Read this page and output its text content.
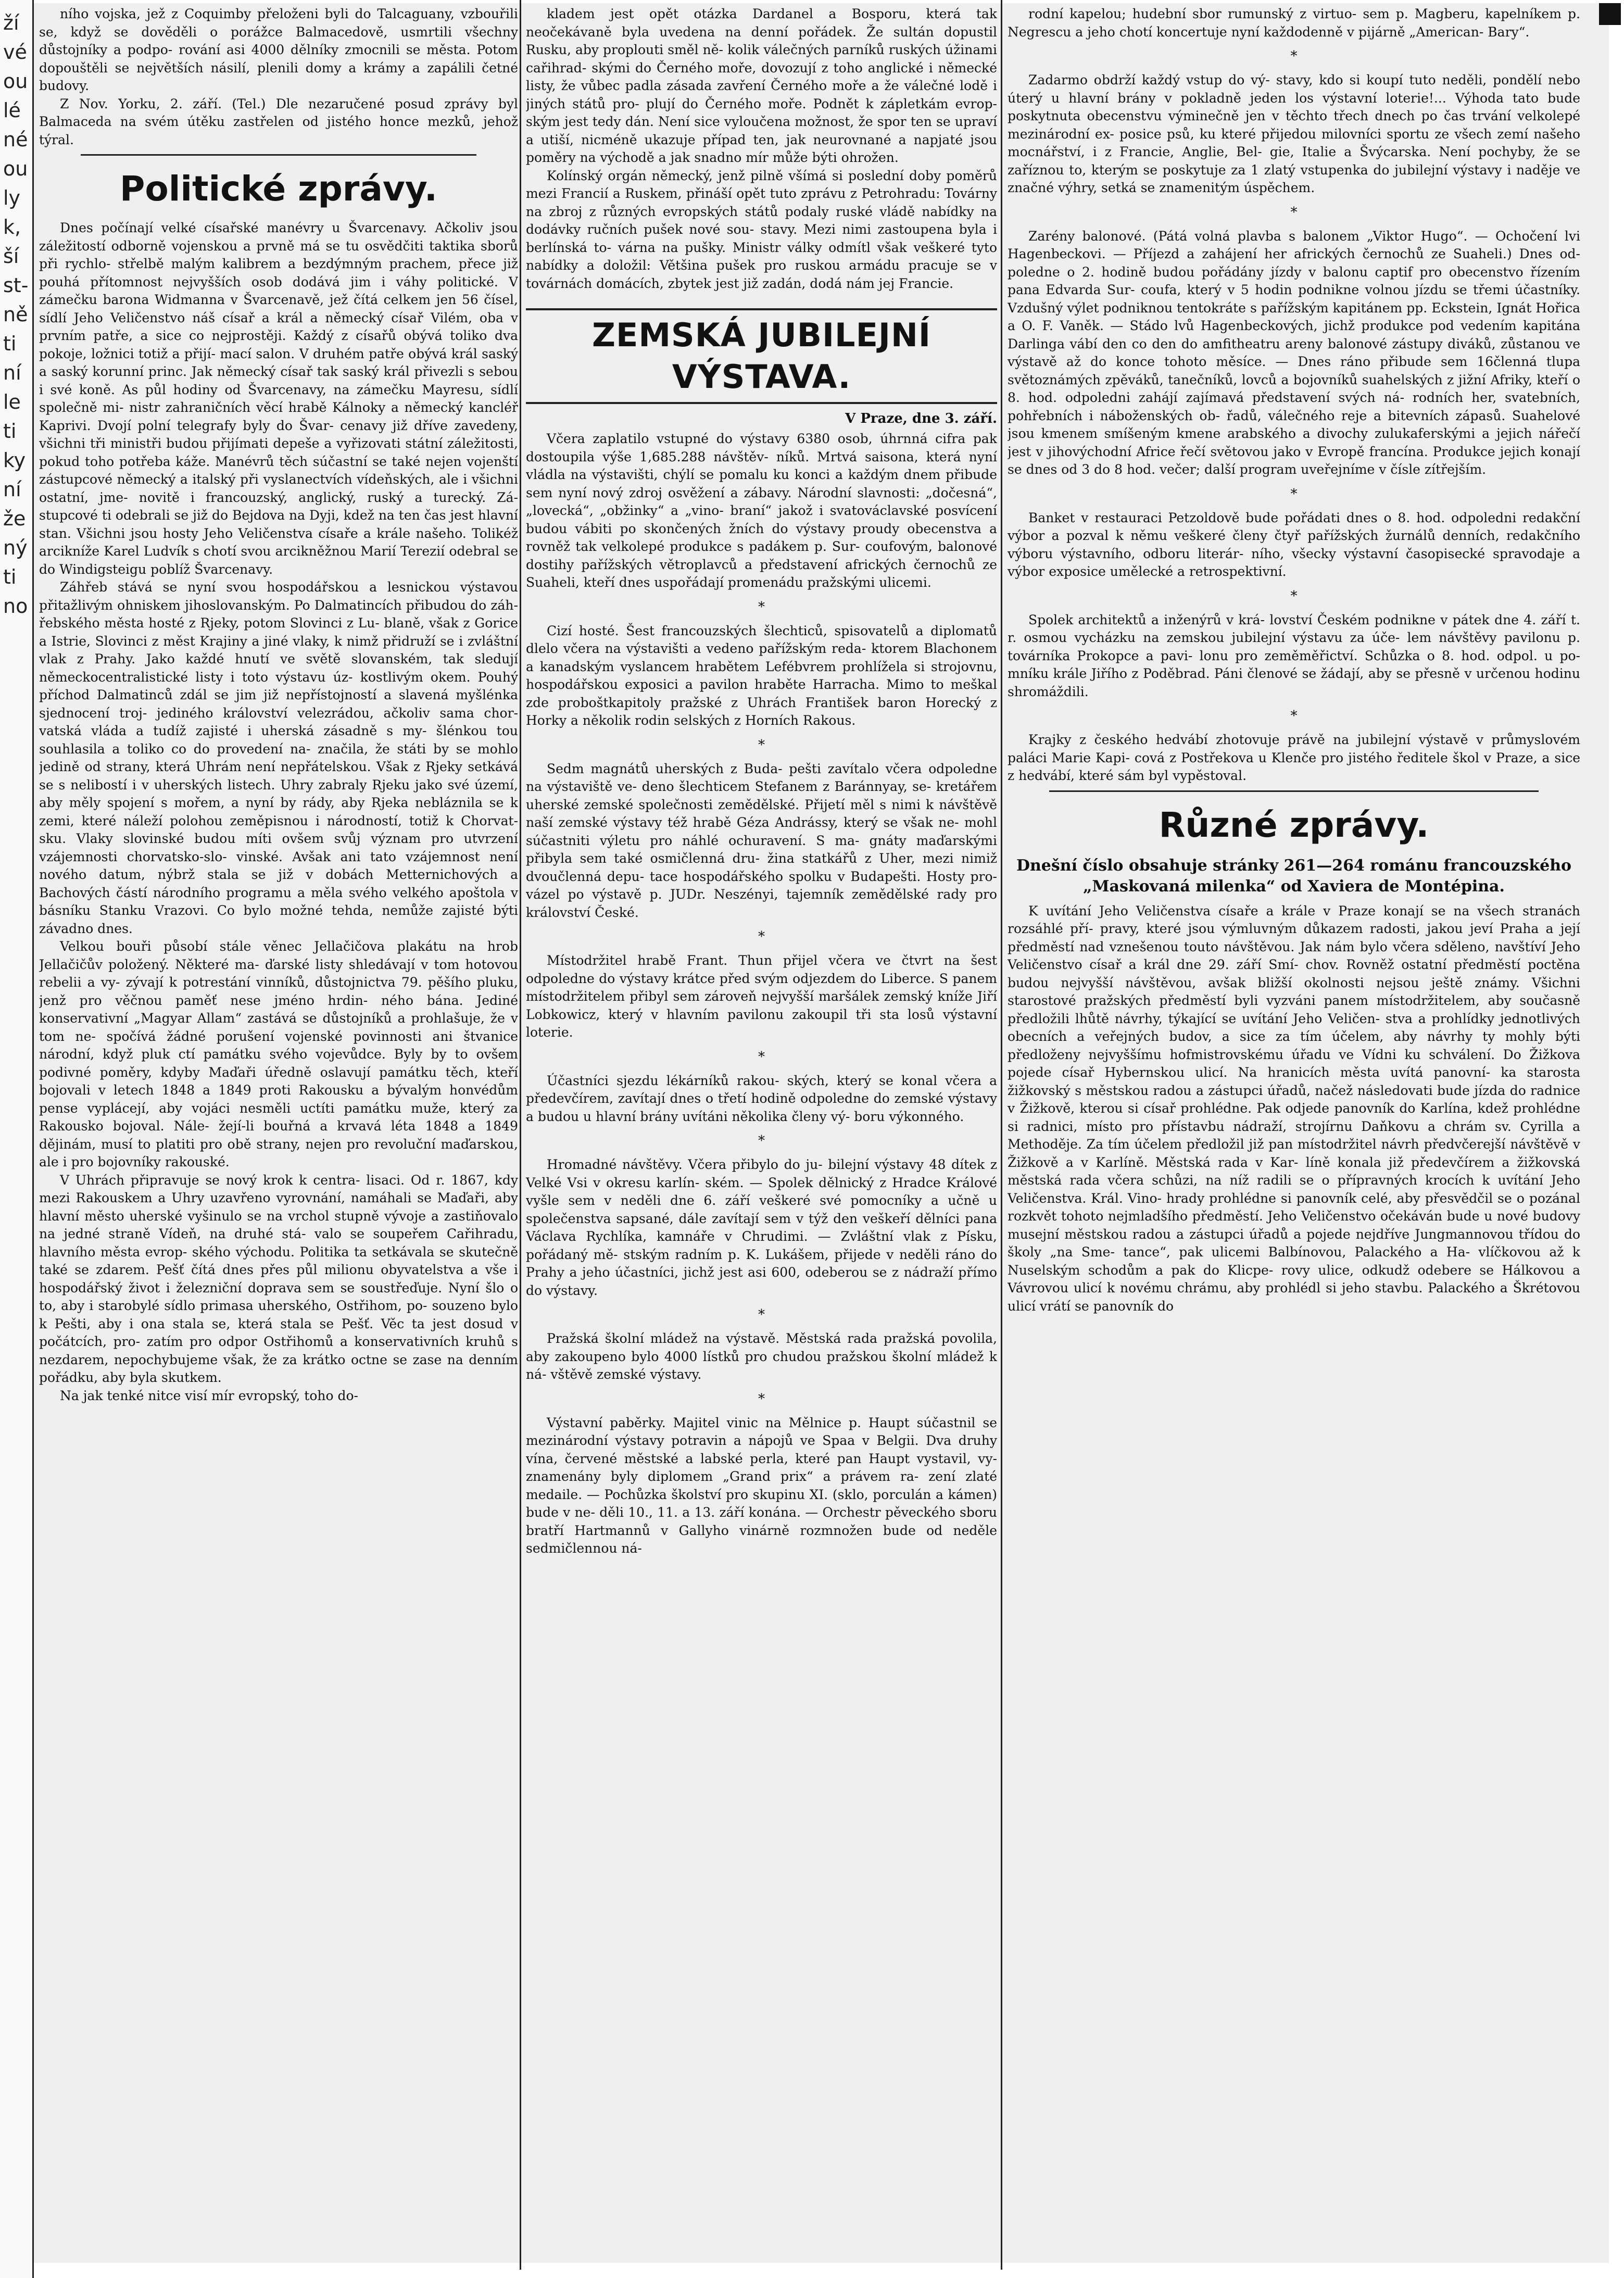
ží
vé
ou
lé
né
ou
ly
k,
ší
st-
ně
ti
ní
le
ti
ky
ní
že
ný
ti
no

ního vojska, jež z Coquimby přeloženi byli do Talcaguany, vzbouřili se, když se dověděli o porážce Balmacedově, usmrtili všechny důstojníky a podpo- rování asi 4000 dělníky zmocnili se města. Potom dopouštěli se největších násilí, plenili domy a krámy a zapálili četné budovy.

Z Nov. Yorku, 2. září. (Tel.) Dle nezaručené posud zprávy byl Balmaceda na svém útěku zastřelen od jistého honce mezků, jehož týral.

Politické zprávy.

Dnes počínají velké císařské manévry u Švarcenavy. Ačkoliv jsou záležitostí odborně vojenskou a prvně má se tu osvědčiti taktika sborů při rychlo- střelbě malým kalibrem a bezdýmným prachem, přece již pouhá přítomnost nejvyšších osob dodává jim i váhy politické. V zámečku barona Widmanna v Švarcenavě, jež čítá celkem jen 56 čísel, sídlí Jeho Veličenstvo náš císař a král a německý císař Vilém, oba v prvním patře, a sice co nejprostěji. Každý z císařů obývá toliko dva pokoje, ložnici totiž a přijí- mací salon. V druhém patře obývá král saský a saský korunní princ. Jak německý císař tak saský král přivezli s sebou i své koně. As půl hodiny od Švarcenavy, na zámečku Mayresu, sídlí společně mi- nistr zahraničních věcí hrabě Kálnoky a německý kancléř Kaprivi. Dvojí polní telegrafy byly do Švar- cenavy již dříve zavedeny, všichni tři ministři budou přijímati depeše a vyřizovati státní záležitosti, pokud toho potřeba káže. Manévrů těch súčastní se také nejen vojenští zástupcové německý a italský při vyslanectvích vídeňských, ale i všichni ostatní, jme- novitě i francouzský, anglický, ruský a turecký. Zá- stupcové ti odebrali se již do Bejdova na Dyji, kdež na ten čas jest hlavní stan. Všichni jsou hosty Jeho Veličenstva císaře a krále našeho. Tolikéž arcikníže Karel Ludvík s chotí svou arcikněžnou Marií Terezií odebral se do Windigsteigu poblíž Švarcenavy.

Záhřeb stává se nyní svou hospodářskou a lesnickou výstavou přitažlivým ohniskem jihoslovanským. Po Dalmatincích přibudou do záh- řebského města hosté z Rjeky, potom Slovinci z Lu- blaně, však z Gorice a Istrie, Slovinci z měst Krajiny a jiné vlaky, k nimž přidruží se i zvláštní vlak z Prahy. Jako každé hnutí ve světě slovanském, tak sledují německocentralistické listy i toto výstavu úz- kostlivým okem. Pouhý příchod Dalmatinců zdál se jim již nepřístojností a slavená myšlénka sjednocení troj- jediného království velezrádou, ačkoliv sama chor- vatská vláda a tudíž zajisté i uherská zásadně s my- šlénkou tou souhlasila a toliko co do provedení na- značila, že státi by se mohlo jedině od strany, která Uhrám není nepřátelskou. Však z Rjeky setkává se s nelibostí i v uherských listech. Uhry zabraly Rjeku jako své území, aby měly spojení s mořem, a nyní by rády, aby Rjeka nebláznila se k zemi, které náleží polohou zeměpisnou i národností, totiž k Chorvat- sku. Vlaky slovinské budou míti ovšem svůj význam pro utvrzení vzájemnosti chorvatsko-slo- vinské. Avšak ani tato vzájemnost není nového datum, nýbrž stala se již v dobách Metternichových a Bachových částí národního programu a měla svého velkého apoštola v básníku Stanku Vrazovi. Co bylo možné tehda, nemůže zajisté býti závadno dnes.

Velkou bouři působí stále věnec Jellačičova plakátu na hrob Jellačičův položený. Některé ma- ďarské listy shledávají v tom hotovou rebelii a vy- zývají k potrestání vinníků, důstojnictva 79. pěšího pluku, jenž pro věčnou paměť nese jméno hrdin- ného bána. Jediné konservativní „Magyar Allam“ zastává se důstojníků a prohlašuje, že v tom ne- spočívá žádné porušení vojenské povinnosti ani štvanice národní, když pluk ctí památku svého vojevůdce. Byly by to ovšem podivné poměry, kdyby Maďaři úředně oslavují památku těch, kteří bojovali v letech 1848 a 1849 proti Rakousku a bývalým honvédům pense vyplácejí, aby vojáci nesměli uctíti památku muže, který za Rakousko bojoval. Nále- žejí-li bouřná a krvavá léta 1848 a 1849 dějinám, musí to platiti pro obě strany, nejen pro revoluční maďarskou, ale i pro bojovníky rakouské.

V Uhrách připravuje se nový krok k centra- lisaci. Od r. 1867, kdy mezi Rakouskem a Uhry uzavřeno vyrovnání, namáhali se Maďaři, aby hlavní město uherské vyšinulo se na vrchol stupně vývoje a zastiňovalo na jedné straně Vídeň, na druhé stá- valo se soupeřem Cařihradu, hlavního města evrop- ského východu. Politika ta setkávala se skutečně také se zdarem. Pešť čítá dnes přes půl milionu obyvatelstva a vše i hospodářský život i železniční doprava sem se soustřeďuje. Nyní šlo o to, aby i starobylé sídlo primasa uherského, Ostřihom, po- souzeno bylo k Pešti, aby i ona stala se, která stala se Pešť. Věc ta jest dosud v počátcích, pro- zatím pro odpor Ostřihomů a konservativních kruhů s nezdarem, nepochybujeme však, že za krátko octne se zase na denním pořádku, aby byla skutkem.

Na jak tenké nitce visí mír evropský, toho do-

kladem jest opět otázka Dardanel a Bosporu, která tak neočekávaně byla uvedena na denní pořádek. Že sultán dopustil Rusku, aby proplouti směl ně- kolik válečných parníků ruských úžinami cařihrad- skými do Černého moře, dovozují z toho anglické i německé listy, že vůbec padla zásada zavření Černého moře a že válečné lodě i jiných států pro- plují do Černého moře. Podnět k zápletkám evrop- ským jest tedy dán. Není sice vyloučena možnost, že spor ten se upraví a utiší, nicméně ukazuje případ ten, jak neurovnané a napjaté jsou poměry na východě a jak snadno mír může býti ohrožen.

Kolínský orgán německý, jenž pilně všímá si poslední doby poměrů mezi Francií a Ruskem, přináší opět tuto zprávu z Petrohradu: Továrny na zbroj z různých evropských států podaly ruské vládě nabídky na dodávky ručních pušek nové sou- stavy. Mezi nimi zastoupena byla i berlínská to- várna na pušky. Ministr války odmítl však veškeré tyto nabídky a doložil: Většina pušek pro ruskou armádu pracuje se v továrnách domácích, zbytek jest již zadán, dodá nám jej Francie.

ZEMSKÁ JUBILEJNÍ VÝSTAVA.
V Praze, dne 3. září.

Včera zaplatilo vstupné do výstavy 6380 osob, úhrnná cifra pak dostoupila výše 1,685.288 návštěv- níků. Mrtvá saisona, která nyní vládla na výstavišti, chýlí se pomalu ku konci a každým dnem přibude sem nyní nový zdroj osvěžení a zábavy. Národní slavnosti: „dočesná“, „lovecká“, „obžinky“ a „vino- braní“ jakož i svatováclavské posvícení budou vábiti po skončených žních do výstavy proudy obecenstva a rovněž tak velkolepé produkce s padákem p. Sur- coufovým, balonové dostihy pařížských větroplavců a představení afrických černochů ze Suaheli, kteří dnes uspořádají promenádu pražskými ulicemi.

*

Cizí hosté. Šest francouzských šlechticů, spisovatelů a diplomatů dlelo včera na výstavišti a vedeno pařížským reda- ktorem Blachonem a kanadským vyslancem hrabětem Lefébvrem prohlížela si strojovnu, hospodářskou exposici a pavilon hraběte Harracha. Mimo to meškal zde proboštkapitoly pražské z Uhrách František baron Horecký z Horky a několik rodin selských z Horních Rakous.

*

Sedm magnátů uherských z Buda- pešti zavítalo včera odpoledne na výstaviště ve- deno šlechticem Stefanem z Baránnyay, se- kretářem uherské zemské společnosti zemědělské. Přijetí měl s nimi k návštěvě naší zemské výstavy též hrabě Géza Andrássy, který se však ne- mohl súčastniti výletu pro náhlé ochuravení. S ma- gnáty maďarskými přibyla sem také osmičlenná dru- žina statkářů z Uher, mezi nimiž dvoučlenná depu- tace hospodářského spolku v Budapešti. Hosty pro- vázel po výstavě p. JUDr. Neszényi, tajemník zemědělské rady pro království České.

*

Místodržitel hrabě Frant. Thun přijel včera ve čtvrt na šest odpoledne do výstavy krátce před svým odjezdem do Liberce. S panem místodržitelem přibyl sem zároveň nejvyšší maršálek zemský kníže Jiří Lobkowicz, který v hlavním pavilonu zakoupil tři sta losů výstavní loterie.

*

Účastníci sjezdu lékárníků rakou- ských, který se konal včera a předevčírem, zavítají dnes o třetí hodině odpoledne do zemské výstavy a budou u hlavní brány uvítáni několika členy vý- boru výkonného.

*

Hromadné návštěvy. Včera přibylo do ju- bilejní výstavy 48 dítek z Velké Vsi v okresu karlín- ském. — Spolek dělnický z Hradce Králové vyšle sem v neděli dne 6. září veškeré své pomocníky a učně u společenstva sapsané, dále zavítají sem v týž den veškeří dělníci pana Václava Rychlíka, kamnáře v Chrudimi. — Zvláštní vlak z Písku, pořádaný mě- stským radním p. K. Lukášem, přijede v neděli ráno do Prahy a jeho účastníci, jichž jest asi 600, odeberou se z nádraží přímo do výstavy.

*

Pražská školní mládež na výstavě. Městská rada pražská povolila, aby zakoupeno bylo 4000 lístků pro chudou pražskou školní mládež k ná- vštěvě zemské výstavy.

*

Výstavní paběrky. Majitel vinic na Mělnice p. Haupt súčastnil se mezinárodní výstavy potravin a nápojů ve Spaa v Belgii. Dva druhy vína, červené městské a labské perla, které pan Haupt vystavil, vy- znamenány byly diplomem „Grand prix“ a právem ra- zení zlaté medaile. — Pochůzka školství pro skupinu XI. (sklo, porculán a kámen) bude v ne- děli 10., 11. a 13. září konána. — Orchestr pěveckého sboru bratří Hartmannů v Gallyho vinárně rozmnožen bude od neděle sedmičlennou ná-

rodní kapelou; hudební sbor rumunský z virtuo- sem p. Magberu, kapelníkem p. Negrescu a jeho chotí koncertuje nyní každodenně v pijárně „American- Bary“.

*

Zadarmo obdrží každý vstup do vý- stavy, kdo si koupí tuto neděli, pondělí nebo úterý u hlavní brány v pokladně jeden los výstavní loterie!... Výhoda tato bude poskytnuta obecenstvu výminečně jen v těchto třech dnech po čas trvání velkolepé mezinárodní ex- posice psů, ku které přijedou milovníci sportu ze všech zemí našeho mocnářství, i z Francie, Anglie, Bel- gie, Italie a Švýcarska. Není pochyby, že se zaříznou to, kterým se poskytuje za 1 zlatý vstupenka do jubilejní výstavy i naděje ve značné výhry, setká se znamenitým úspěchem.

*

Zarény balonové. (Pátá volná plavba s balonem „Viktor Hugo“. — Ochočení lvi Hagenbeckovi. — Příjezd a zahájení her afrických černochů ze Suaheli.) Dnes od- poledne o 2. hodině budou pořádány jízdy v balonu captif pro obecenstvo řízením pana Edvarda Sur- coufa, který v 5 hodin podnikne volnou jízdu se třemi účastníky. Vzdušný výlet podniknou tentokráte s pařížským kapitánem pp. Eckstein, Ignát Hořica a O. F. Vaněk. — Stádo lvů Hagenbeckových, jichž produkce pod vedením kapitána Darlinga vábí den co den do amfitheatru areny balonové zástupy diváků, zůstanou ve výstavě až do konce tohoto měsíce. — Dnes ráno přibude sem 16členná tlupa světoznámých zpěváků, tanečníků, lovců a bojovníků suahelských z jižní Afriky, kteří o 8. hod. odpoledni zahájí zajímavá představení svých ná- rodních her, svatebních, pohřebních i náboženských ob- řadů, válečného reje a bitevních zápasů. Suahelové jsou kmenem smíšeným kmene arabského a divochy zulukaferskými a jejich nářečí jest v jihovýchodní Africe řečí světovou jako v Evropě francína. Produkce jejich konají se dnes od 3 do 8 hod. večer; další program uveřejníme v čísle zítřejším.

*

Banket v restauraci Petzoldově bude pořádati dnes o 8. hod. odpoledni redakční výbor a pozval k němu veškeré členy čtyř pařížských žurnálů denních, redakčního výboru výstavního, odboru literár- ního, všecky výstavní časopisecké spravodaje a výbor exposice umělecké a retrospektivní.

*

Spolek architektů a inženýrů v krá- lovství Českém podnikne v pátek dne 4. září t. r. osmou vycházku na zemskou jubilejní výstavu za úče- lem návštěvy pavilonu p. továrníka Prokopce a pavi- lonu pro zeměměřictví. Schůzka o 8. hod. odpol. u po- mníku krále Jiřího z Poděbrad. Páni členové se žádají, aby se přesně v určenou hodinu shromáždili.

*

Krajky z českého hedvábí zhotovuje právě na jubilejní výstavě v průmyslovém paláci Marie Kapi- cová z Postřekova u Klenče pro jistého ředitele škol v Praze, a sice z hedvábí, které sám byl vypěstoval.

Různé zprávy.
Dnešní číslo obsahuje stránky 261—264 románu francouzského „Maskovaná milenka“ od Xaviera de Montépina.

K uvítání Jeho Veličenstva císaře a krále v Praze konají se na všech stranách rozsáhlé pří- pravy, které jsou výmluvným důkazem radosti, jakou jeví Praha a její předměstí nad vznešenou touto návštěvou. Jak nám bylo včera sděleno, navštíví Jeho Veličenstvo císař a král dne 29. září Smí- chov. Rovněž ostatní předměstí poctěna budou nejvyšší návštěvou, avšak bližší okolnosti nejsou ještě známy. Všichni starostové pražských předměstí byli vyzváni panem místodržitelem, aby současně předložili lhůtě návrhy, týkající se uvítání Jeho Veličen- stva a prohlídky jednotlivých obecních a veřejných budov, a sice za tím účelem, aby návrhy ty mohly býti předloženy nejvyššímu hofmistrovskému úřadu ve Vídni ku schválení. Do Žižkova pojede císař Hybernskou ulicí. Na hranicích města uvítá panovní- ka starosta žižkovský s městskou radou a zástupci úřadů, načež následovati bude jízda do radnice v Žižkově, kterou si císař prohlédne. Pak odjede panovník do Karlína, kdež prohlédne si radnici, místo pro přístavbu nádraží, strojírnu Daňkovu a chrám sv. Cyrilla a Methoděje. Za tím účelem předložil již pan místodržitel návrh předvčerejší návštěvě v Žižkově a v Karlíně. Městská rada v Kar- líně konala již předevčírem a žižkovská městská rada včera schůzi, na níž radili se o přípravných krocích k uvítání Jeho Veličenstva. Král. Vino- hrady prohlédne si panovník celé, aby přesvědčil se o pozánal rozkvět tohoto nejmladšího předměstí. Jeho Veličenstvo očekáván bude u nové budovy musejní městskou radou a zástupci úřadů a pojede nejdříve Jungmannovou třídou do školy „na Sme- tance“, pak ulicemi Balbínovou, Palackého a Ha- vlíčkovou až k Nuselským schodům a pak do Klicpe- rovy ulice, odkudž odebere se Hálkovou a Vávrovou ulicí k novému chrámu, aby prohlédl si jeho stavbu. Palackého a Škrétovou ulicí vrátí se panovník do
